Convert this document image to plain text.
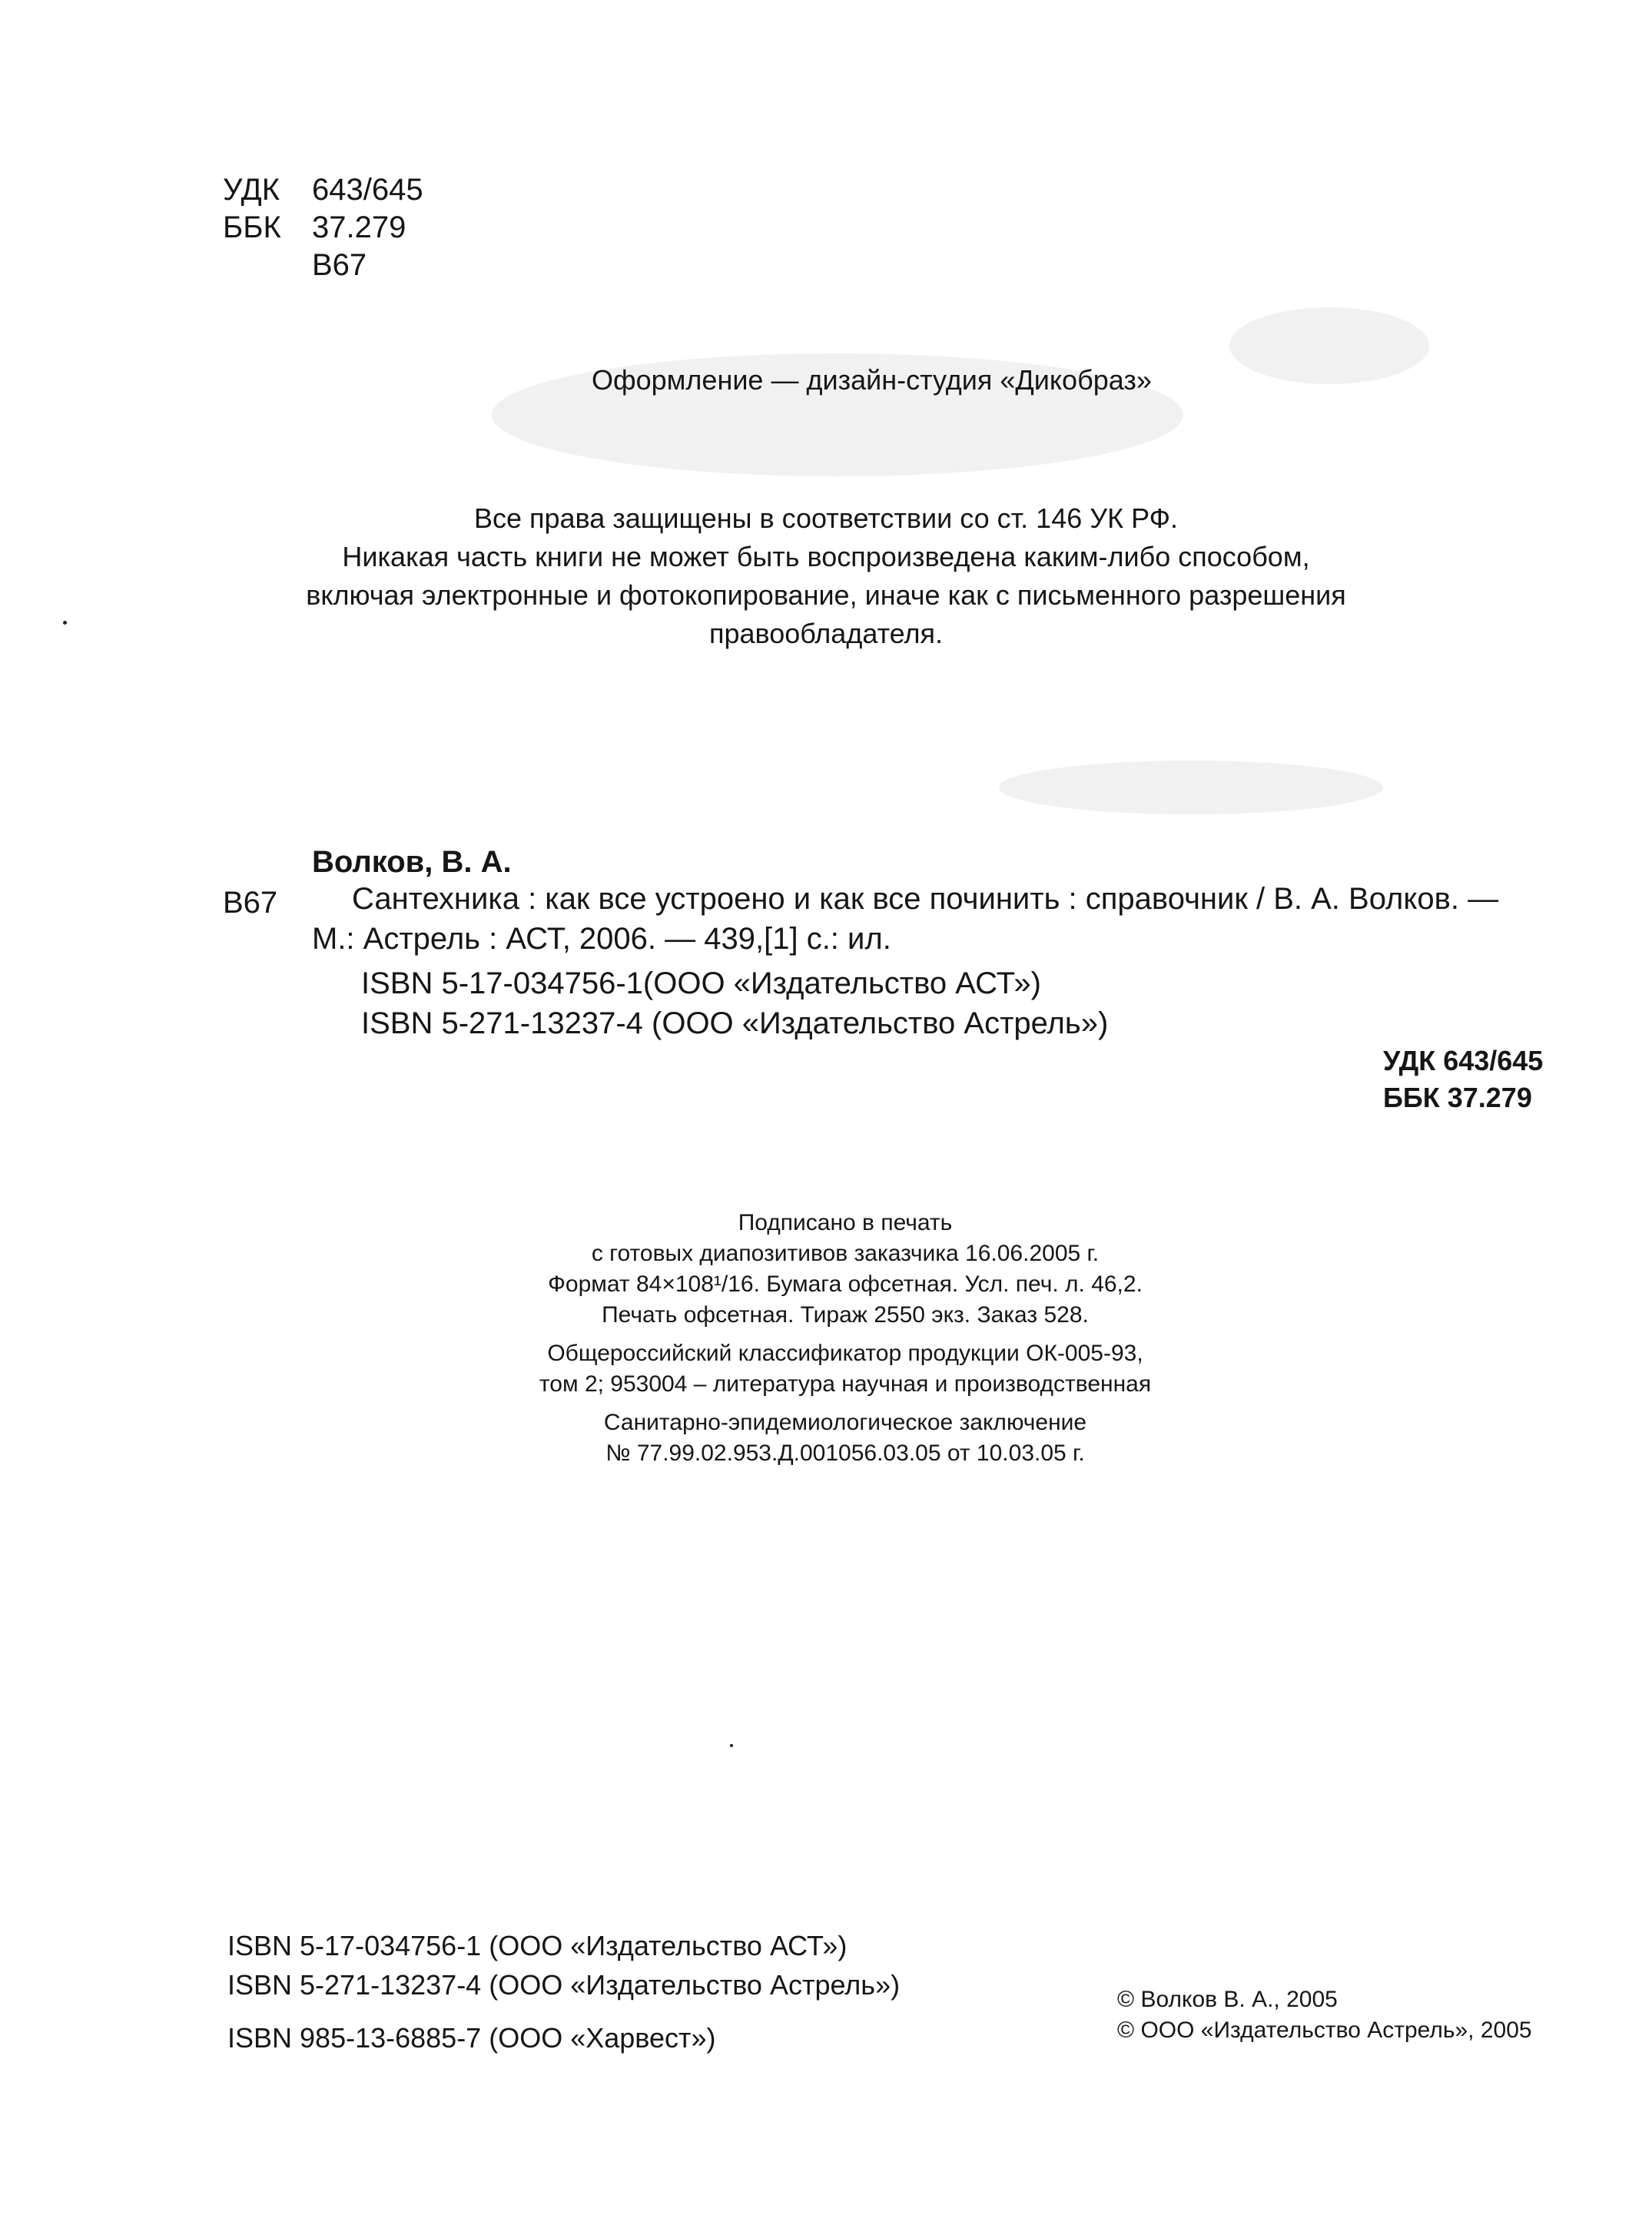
УДК 643/645
ББК 37.279
В67
Оформление — дизайн-студия «Дикобраз»
Все права защищены в соответствии со ст. 146 УК РФ.
Никакая часть книги не может быть воспроизведена каким-либо способом,
включая электронные и фотокопирование, иначе как с письменного разрешения
правообладателя.
Волков, В. А.
В67 Сантехника : как все устроено и как все починить : справочник / В. А. Волков. —
М.: Астрель : АСТ, 2006. — 439,[1] с.: ил.
ISBN 5-17-034756-1(ООО «Издательство АСТ»)
ISBN 5-271-13237-4 (ООО «Издательство Астрель»)
УДК 643/645
ББК 37.279
Подписано в печать
с готовых диапозитивов заказчика 16.06.2005 г.
Формат 84×108¹/16. Бумага офсетная. Усл. печ. л. 46,2.
Печать офсетная. Тираж 2550 экз. Заказ 528.
Общероссийский классификатор продукции ОК-005-93,
том 2; 953004 – литература научная и производственная
Санитарно-эпидемиологическое заключение
№ 77.99.02.953.Д.001056.03.05 от 10.03.05 г.
ISBN 5-17-034756-1 (ООО «Издательство АСТ»)
ISBN 5-271-13237-4 (ООО «Издательство Астрель»)
ISBN 985-13-6885-7 (ООО «Харвест»)
© Волков В. А., 2005
© ООО «Издательство Астрель», 2005
